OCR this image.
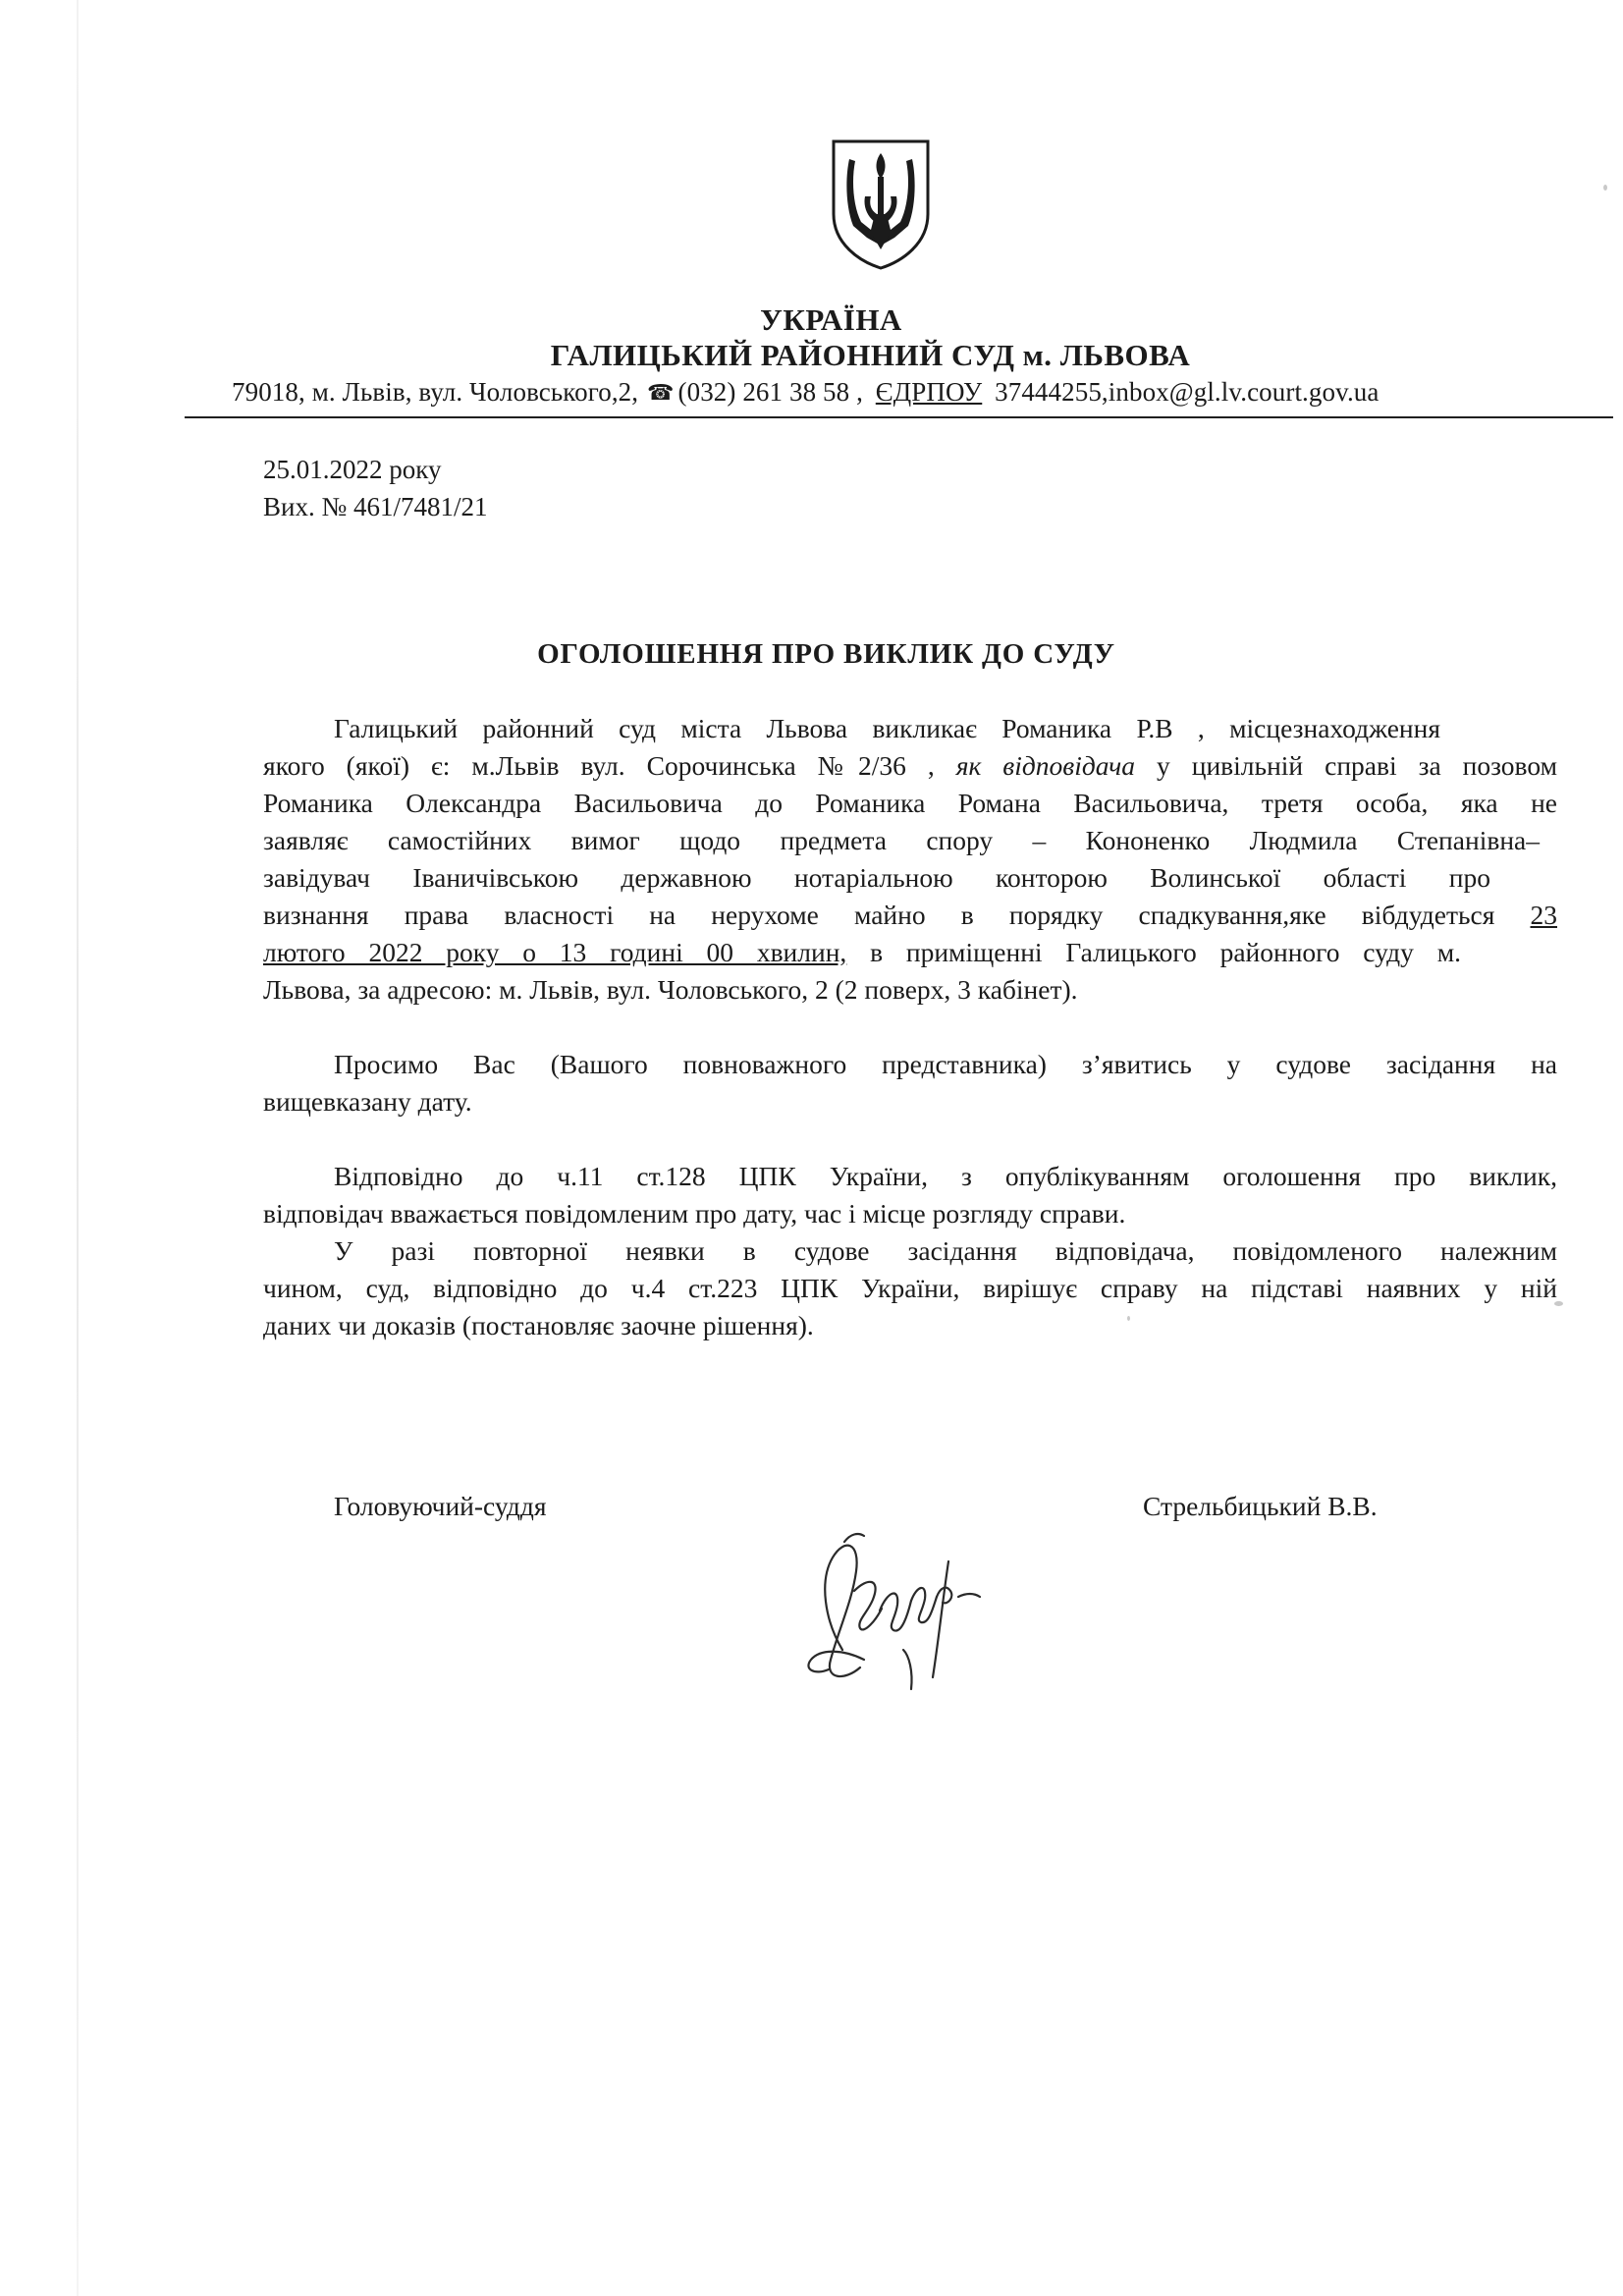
УКРАЇНА
ГАЛИЦЬКИЙ РАЙОННИЙ СУД м. ЛЬВОВА
79018, м. Львів, вул. Чоловського,2, ☎ (032) 261 38 58 , ЄДРПОУ 37444255,inbox@gl.lv.court.gov.ua
25.01.2022 року
Вих. № 461/7481/21
ОГОЛОШЕННЯ ПРО ВИКЛИК ДО СУДУ
Галицький районний суд міста Львова викликає Романика Р.В , місцезнаходження
якого (якої) є: м.Львів вул. Сорочинська №2/36 , як відповідача у цивільній справі за позовом
Романика Олександра Васильовича до Романика Романа Васильовича, третя особа, яка не
заявляє самостійних вимог щодо предмета спору – Кононенко Людмила Степанівна–
завідувач Іваничівською державною нотаріальною конторою Волинської області про
визнання права власності на нерухоме майно в порядку спадкування,яке вібдудеться 23
лютого 2022 року о 13 годині 00 хвилин, в приміщенні Галицького районного суду м.
Львова, за адресою: м. Львів, вул. Чоловського, 2 (2 поверх, 3 кабінет).
Просимо Вас (Вашого повноважного представника) з’явитись у судове засідання на
вищевказану дату.
Відповідно до ч.11 ст.128 ЦПК України, з опублікуванням оголошення про виклик,
відповідач вважається повідомленим про дату, час і місце розгляду справи.
У разі повторної неявки в судове засідання відповідача, повідомленого належним
чином, суд, відповідно до ч.4 ст.223 ЦПК України, вирішує справу на підставі наявних у ній
даних чи доказів (постановляє заочне рішення).
Головуючий-суддя	Стрельбицький В.В.
